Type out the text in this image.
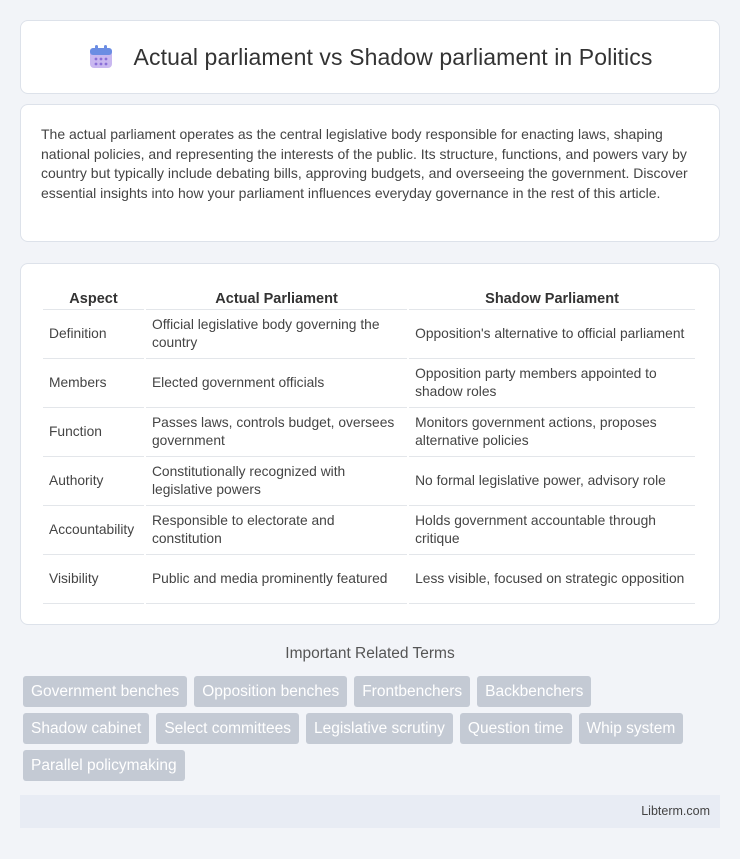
Actual parliament vs Shadow parliament in Politics

The actual parliament operates as the central legislative body responsible for enacting laws, shaping national policies, and representing the interests of the public. Its structure, functions, and powers vary by country but typically include debating bills, approving budgets, and overseeing the government. Discover essential insights into how your parliament influences everyday governance in the rest of this article.

Aspect	Actual Parliament	Shadow Parliament
Definition	Official legislative body governing the country	Opposition's alternative to official parliament
Members	Elected government officials	Opposition party members appointed to shadow roles
Function	Passes laws, controls budget, oversees government	Monitors government actions, proposes alternative policies
Authority	Constitutionally recognized with legislative powers	No formal legislative power, advisory role
Accountability	Responsible to electorate and constitution	Holds government accountable through critique
Visibility	Public and media prominently featured	Less visible, focused on strategic opposition
Important Related Terms
Government benches	Opposition benches	Frontbenchers	Backbenchers
Shadow cabinet	Select committees	Legislative scrutiny	Question time	Whip system
Parallel policymaking
Libterm.com
